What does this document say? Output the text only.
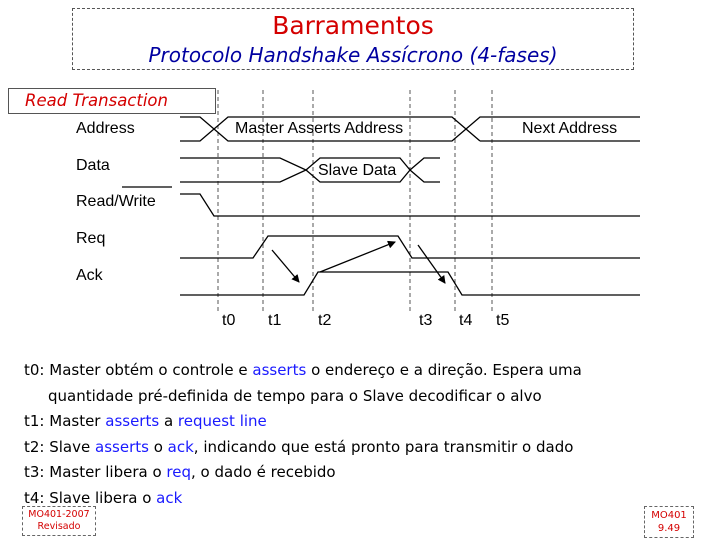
Barramentos
Protocolo Handshake Assícrono (4-fases)
Read Transaction
Address
Data
Read/Write
Req
Ack
Master Asserts Address	Next Address
Slave Data
t0 t1 t2	t3 t4 t5
t0: Master obtém o controle e asserts o endereço e a direção. Espera uma
quantidade pré-definida de tempo para o Slave decodificar o alvo
t1: Master asserts a request line
t2: Slave asserts o ack, indicando que está pronto para transmitir o dado
t3: Master libera o req, o dado é recebido
t4: Slave libera o ack
MO401-2007
Revisado
MO401
9.49
